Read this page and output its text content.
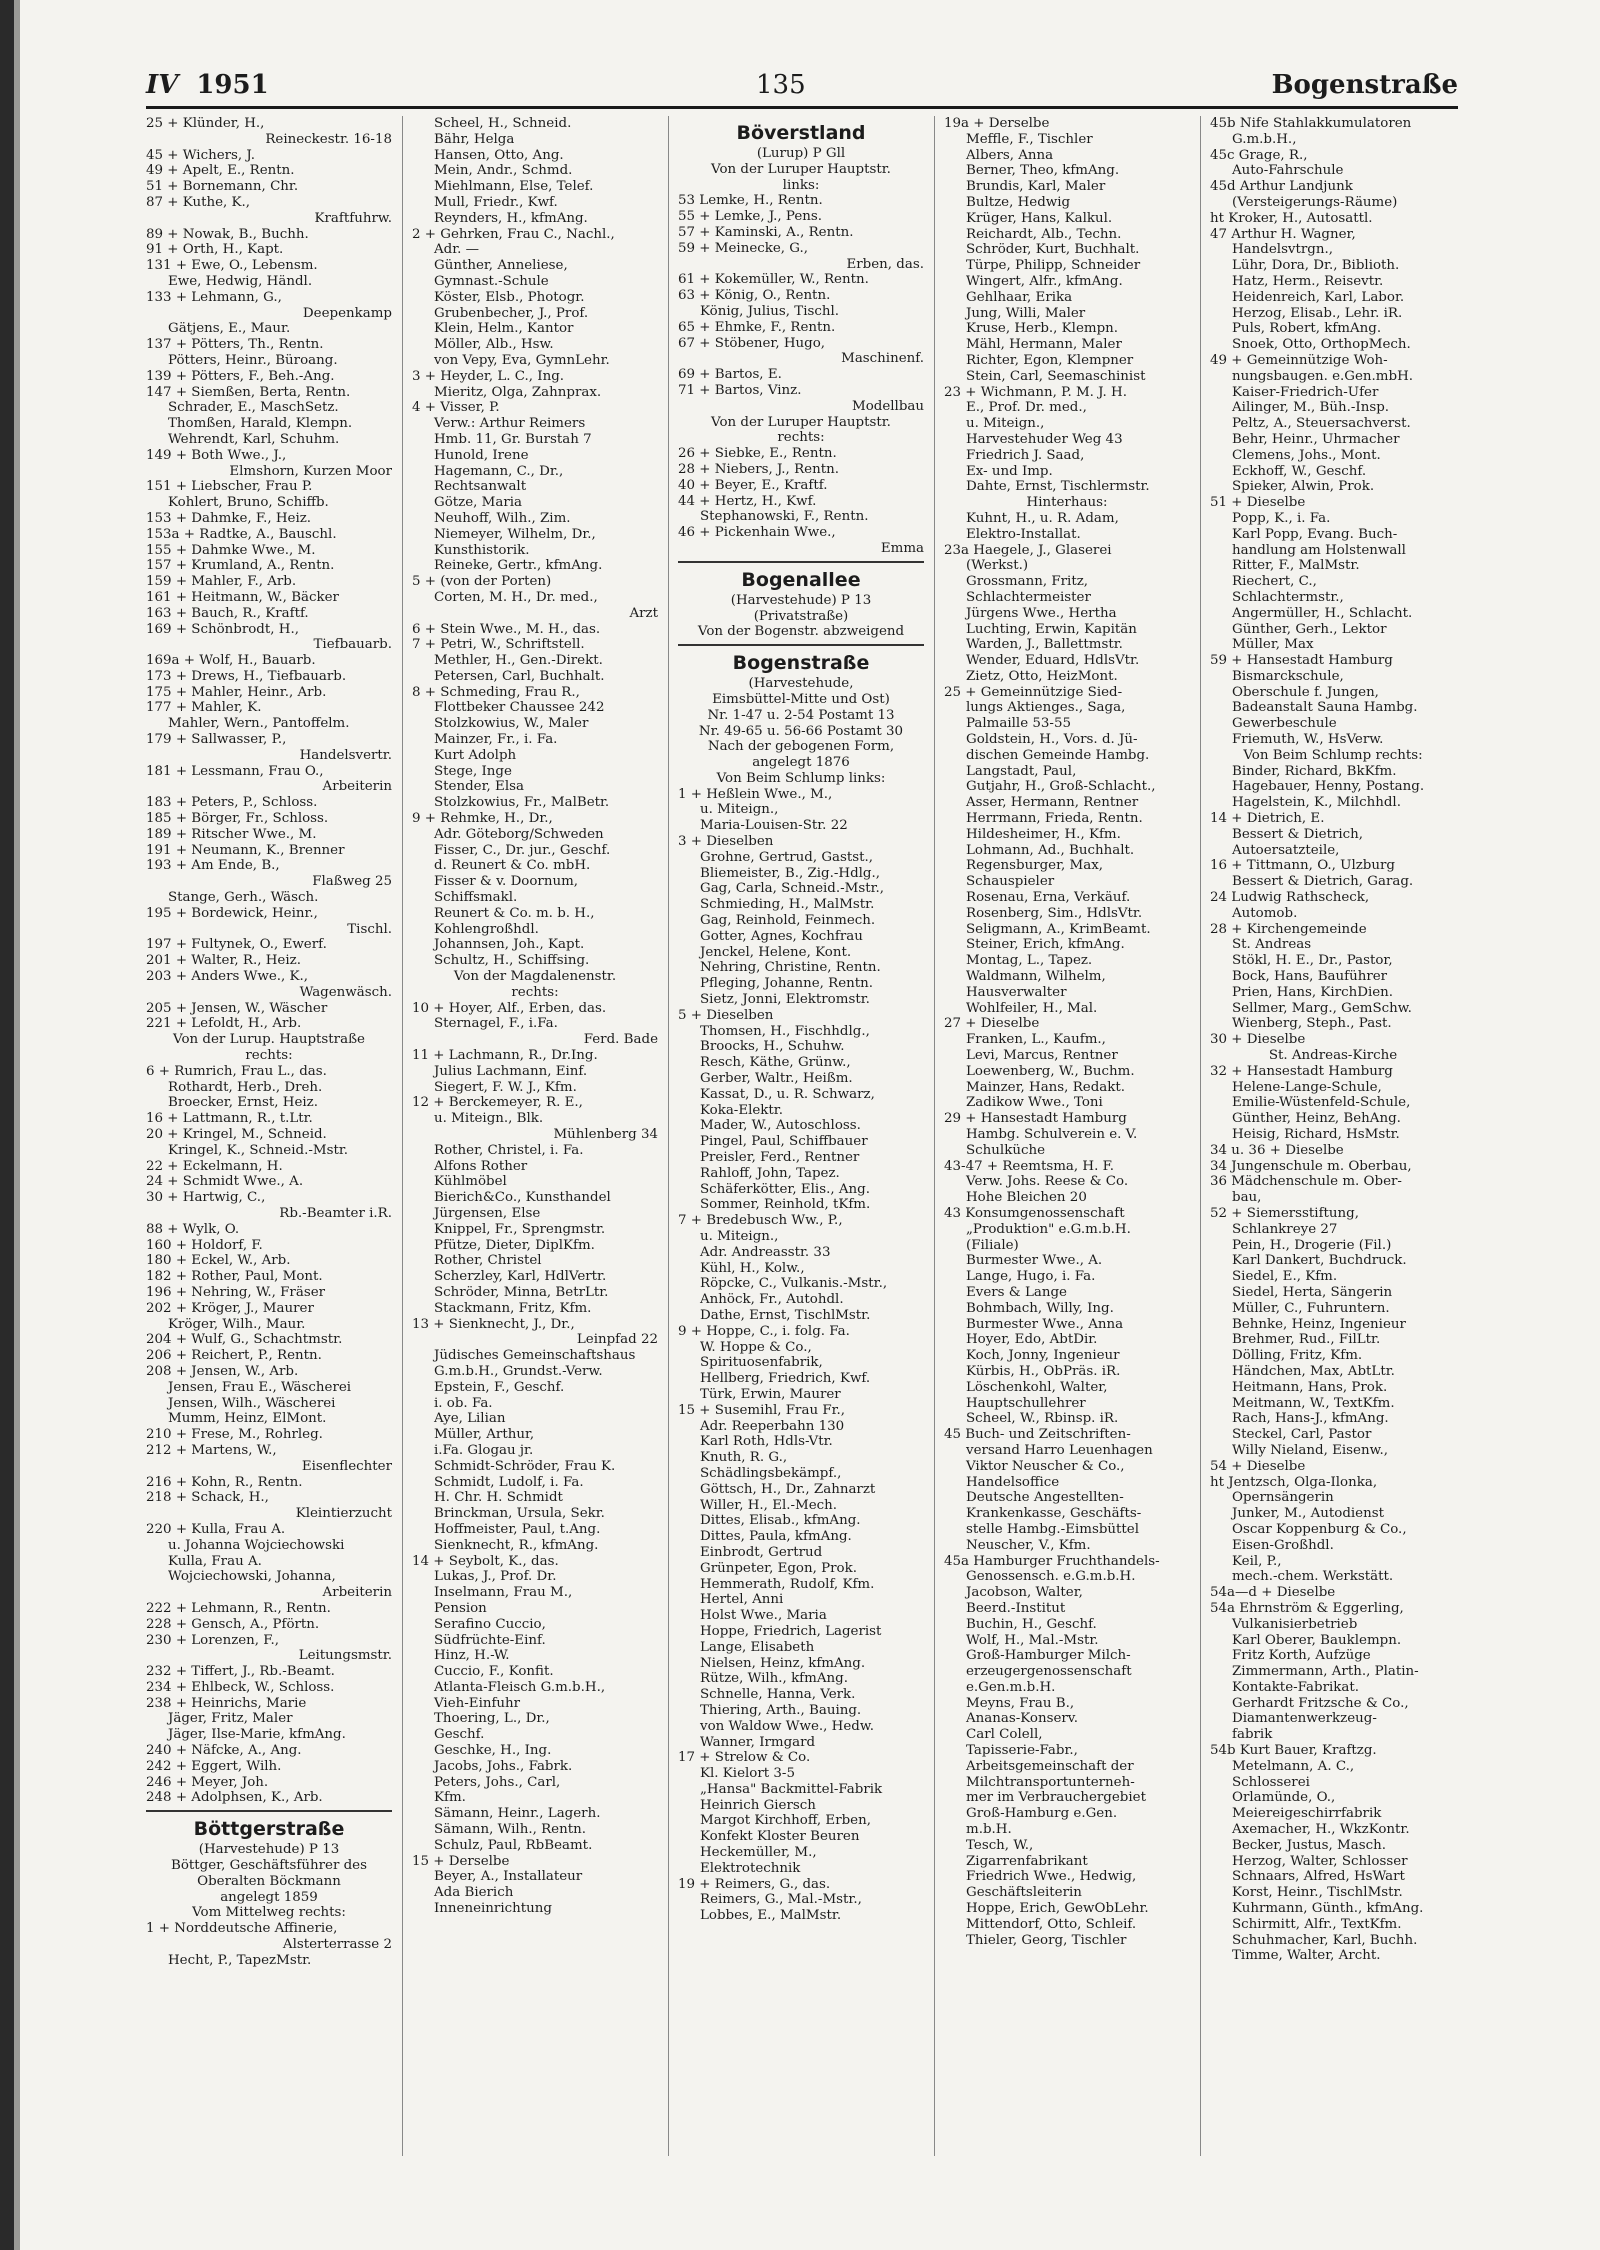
IV 1951	135	Bogenstraße
25 + Klünder, H.,
Reineckestr. 16-18
45 + Wichers, J.
49 + Apelt, E., Rentn.
51 + Bornemann, Chr.
87 + Kuthe, K.,
Kraftfuhrw.
89 + Nowak, B., Buchh.
91 + Orth, H., Kapt.
131 + Ewe, O., Lebensm.
Ewe, Hedwig, Händl.
133 + Lehmann, G.,
Deepenkamp
Gätjens, E., Maur.
137 + Pötters, Th., Rentn.
Pötters, Heinr., Büroang.
139 + Pötters, F., Beh.-Ang.
147 + Siemßen, Berta, Rentn.
Schrader, E., MaschSetz.
Thomßen, Harald, Klempn.
Wehrendt, Karl, Schuhm.
149 + Both Wwe., J.,
Elmshorn, Kurzen Moor
151 + Liebscher, Frau P.
Kohlert, Bruno, Schiffb.
153 + Dahmke, F., Heiz.
153a + Radtke, A., Bauschl.
155 + Dahmke Wwe., M.
157 + Krumland, A., Rentn.
159 + Mahler, F., Arb.
161 + Heitmann, W., Bäcker
163 + Bauch, R., Kraftf.
169 + Schönbrodt, H.,
Tiefbauarb.
169a + Wolf, H., Bauarb.
173 + Drews, H., Tiefbauarb.
175 + Mahler, Heinr., Arb.
177 + Mahler, K.
Mahler, Wern., Pantoffelm.
179 + Sallwasser, P.,
Handelsvertr.
181 + Lessmann, Frau O.,
Arbeiterin
183 + Peters, P., Schloss.
185 + Börger, Fr., Schloss.
189 + Ritscher Wwe., M.
191 + Neumann, K., Brenner
193 + Am Ende, B.,
Flaßweg 25
Stange, Gerh., Wäsch.
195 + Bordewick, Heinr.,
Tischl.
197 + Fultynek, O., Ewerf.
201 + Walter, R., Heiz.
203 + Anders Wwe., K.,
Wagenwäsch.
205 + Jensen, W., Wäscher
221 + Lefoldt, H., Arb.
Von der Lurup. Hauptstraße
rechts:
6 + Rumrich, Frau L., das.
Rothardt, Herb., Dreh.
Broecker, Ernst, Heiz.
16 + Lattmann, R., t.Ltr.
20 + Kringel, M., Schneid.
Kringel, K., Schneid.-Mstr.
22 + Eckelmann, H.
24 + Schmidt Wwe., A.
30 + Hartwig, C.,
Rb.-Beamter i.R.
88 + Wylk, O.
160 + Holdorf, F.
180 + Eckel, W., Arb.
182 + Rother, Paul, Mont.
196 + Nehring, W., Fräser
202 + Kröger, J., Maurer
Kröger, Wilh., Maur.
204 + Wulf, G., Schachtmstr.
206 + Reichert, P., Rentn.
208 + Jensen, W., Arb.
Jensen, Frau E., Wäscherei
Jensen, Wilh., Wäscherei
Mumm, Heinz, ElMont.
210 + Frese, M., Rohrleg.
212 + Martens, W.,
Eisenflechter
216 + Kohn, R., Rentn.
218 + Schack, H.,
Kleintierzucht
220 + Kulla, Frau A.
u. Johanna Wojciechowski
Kulla, Frau A.
Wojciechowski, Johanna,
Arbeiterin
222 + Lehmann, R., Rentn.
228 + Gensch, A., Pförtn.
230 + Lorenzen, F.,
Leitungsmstr.
232 + Tiffert, J., Rb.-Beamt.
234 + Ehlbeck, W., Schloss.
238 + Heinrichs, Marie
Jäger, Fritz, Maler
Jäger, Ilse-Marie, kfmAng.
240 + Näfcke, A., Ang.
242 + Eggert, Wilh.
246 + Meyer, Joh.
248 + Adolphsen, K., Arb.
Böttgerstraße
(Harvestehude) P 13
Böttger, Geschäftsführer des
Oberalten Böckmann
angelegt 1859
Vom Mittelweg rechts:
1 + Norddeutsche Affinerie,
Alsterterrasse 2
Hecht, P., TapezMstr.
Scheel, H., Schneid.
Bähr, Helga
Hansen, Otto, Ang.
Mein, Andr., Schmd.
Miehlmann, Else, Telef.
Mull, Friedr., Kwf.
Reynders, H., kfmAng.
2 + Gehrken, Frau C., Nachl.,
Adr. —
Günther, Anneliese,
Gymnast.-Schule
Köster, Elsb., Photogr.
Grubenbecher, J., Prof.
Klein, Helm., Kantor
Möller, Alb., Hsw.
von Vepy, Eva, GymnLehr.
3 + Heyder, L. C., Ing.
Mieritz, Olga, Zahnprax.
4 + Visser, P.
Verw.: Arthur Reimers
Hmb. 11, Gr. Burstah 7
Hunold, Irene
Hagemann, C., Dr.,
Rechtsanwalt
Götze, Maria
Neuhoff, Wilh., Zim.
Niemeyer, Wilhelm, Dr.,
Kunsthistorik.
Reineke, Gertr., kfmAng.
5 + (von der Porten)
Corten, M. H., Dr. med.,
Arzt
6 + Stein Wwe., M. H., das.
7 + Petri, W., Schriftstell.
Methler, H., Gen.-Direkt.
Petersen, Carl, Buchhalt.
8 + Schmeding, Frau R.,
Flottbeker Chaussee 242
Stolzkowius, W., Maler
Mainzer, Fr., i. Fa.
Kurt Adolph
Stege, Inge
Stender, Elsa
Stolzkowius, Fr., MalBetr.
9 + Rehmke, H., Dr.,
Adr. Göteborg/Schweden
Fisser, C., Dr. jur., Geschf.
d. Reunert & Co. mbH.
Fisser & v. Doornum,
Schiffsmakl.
Reunert & Co. m. b. H.,
Kohlengroßhdl.
Johannsen, Joh., Kapt.
Schultz, H., Schiffsing.
Von der Magdalenenstr.
rechts:
10 + Hoyer, Alf., Erben, das.
Sternagel, F., i.Fa.
Ferd. Bade
11 + Lachmann, R., Dr.Ing.
Julius Lachmann, Einf.
Siegert, F. W. J., Kfm.
12 + Berckemeyer, R. E.,
u. Miteign., Blk.
Mühlenberg 34
Rother, Christel, i. Fa.
Alfons Rother
Kühlmöbel
Bierich&Co., Kunsthandel
Jürgensen, Else
Knippel, Fr., Sprengmstr.
Pfütze, Dieter, DiplKfm.
Rother, Christel
Scherzley, Karl, HdlVertr.
Schröder, Minna, BetrLtr.
Stackmann, Fritz, Kfm.
13 + Sienknecht, J., Dr.,
Leinpfad 22
Jüdisches Gemeinschaftshaus
G.m.b.H., Grundst.-Verw.
Epstein, F., Geschf.
i. ob. Fa.
Aye, Lilian
Müller, Arthur,
i.Fa. Glogau jr.
Schmidt-Schröder, Frau K.
Schmidt, Ludolf, i. Fa.
H. Chr. H. Schmidt
Brinckman, Ursula, Sekr.
Hoffmeister, Paul, t.Ang.
Sienknecht, R., kfmAng.
14 + Seybolt, K., das.
Lukas, J., Prof. Dr.
Inselmann, Frau M.,
Pension
Serafino Cuccio,
Südfrüchte-Einf.
Hinz, H.-W.
Cuccio, F., Konfit.
Atlanta-Fleisch G.m.b.H.,
Vieh-Einfuhr
Thoering, L., Dr.,
Geschf.
Geschke, H., Ing.
Jacobs, Johs., Fabrk.
Peters, Johs., Carl,
Kfm.
Sämann, Heinr., Lagerh.
Sämann, Wilh., Rentn.
Schulz, Paul, RbBeamt.
15 + Derselbe
Beyer, A., Installateur
Ada Bierich
Inneneinrichtung
Böverstland
(Lurup) P Gll
Von der Luruper Hauptstr.
links:
53 Lemke, H., Rentn.
55 + Lemke, J., Pens.
57 + Kaminski, A., Rentn.
59 + Meinecke, G.,
Erben, das.
61 + Kokemüller, W., Rentn.
63 + König, O., Rentn.
König, Julius, Tischl.
65 + Ehmke, F., Rentn.
67 + Stöbener, Hugo,
Maschinenf.
69 + Bartos, E.
71 + Bartos, Vinz.
Modellbau
Von der Luruper Hauptstr.
rechts:
26 + Siebke, E., Rentn.
28 + Niebers, J., Rentn.
40 + Beyer, E., Kraftf.
44 + Hertz, H., Kwf.
Stephanowski, F., Rentn.
46 + Pickenhain Wwe.,
Emma
Bogenallee
(Harvestehude) P 13
(Privatstraße)
Von der Bogenstr. abzweigend
Bogenstraße
(Harvestehude,
Eimsbüttel-Mitte und Ost)
Nr. 1-47 u. 2-54 Postamt 13
Nr. 49-65 u. 56-66 Postamt 30
Nach der gebogenen Form,
angelegt 1876
Von Beim Schlump links:
1 + Heßlein Wwe., M.,
u. Miteign.,
Maria-Louisen-Str. 22
3 + Dieselben
Grohne, Gertrud, Gastst.,
Bliemeister, B., Zig.-Hdlg.,
Gag, Carla, Schneid.-Mstr.,
Schmieding, H., MalMstr.
Gag, Reinhold, Feinmech.
Gotter, Agnes, Kochfrau
Jenckel, Helene, Kont.
Nehring, Christine, Rentn.
Pfleging, Johanne, Rentn.
Sietz, Jonni, Elektromstr.
5 + Dieselben
Thomsen, H., Fischhdlg.,
Broocks, H., Schuhw.
Resch, Käthe, Grünw.,
Gerber, Waltr., Heißm.
Kassat, D., u. R. Schwarz,
Koka-Elektr.
Mader, W., Autoschloss.
Pingel, Paul, Schiffbauer
Preisler, Ferd., Rentner
Rahloff, John, Tapez.
Schäferkötter, Elis., Ang.
Sommer, Reinhold, tKfm.
7 + Bredebusch Ww., P.,
u. Miteign.,
Adr. Andreasstr. 33
Kühl, H., Kolw.,
Röpcke, C., Vulkanis.-Mstr.,
Anhöck, Fr., Autohdl.
Dathe, Ernst, TischlMstr.
9 + Hoppe, C., i. folg. Fa.
W. Hoppe & Co.,
Spirituosenfabrik,
Hellberg, Friedrich, Kwf.
Türk, Erwin, Maurer
15 + Susemihl, Frau Fr.,
Adr. Reeperbahn 130
Karl Roth, Hdls-Vtr.
Knuth, R. G.,
Schädlingsbekämpf.,
Göttsch, H., Dr., Zahnarzt
Willer, H., El.-Mech.
Dittes, Elisab., kfmAng.
Dittes, Paula, kfmAng.
Einbrodt, Gertrud
Grünpeter, Egon, Prok.
Hemmerath, Rudolf, Kfm.
Hertel, Anni
Holst Wwe., Maria
Hoppe, Friedrich, Lagerist
Lange, Elisabeth
Nielsen, Heinz, kfmAng.
Rütze, Wilh., kfmAng.
Schnelle, Hanna, Verk.
Thiering, Arth., Bauing.
von Waldow Wwe., Hedw.
Wanner, Irmgard
17 + Strelow & Co.
Kl. Kielort 3-5
„Hansa" Backmittel-Fabrik
Heinrich Giersch
Margot Kirchhoff, Erben,
Konfekt Kloster Beuren
Heckemüller, M.,
Elektrotechnik
19 + Reimers, G., das.
Reimers, G., Mal.-Mstr.,
Lobbes, E., MalMstr.
19a + Derselbe
Meffle, F., Tischler
Albers, Anna
Berner, Theo, kfmAng.
Brundis, Karl, Maler
Bultze, Hedwig
Krüger, Hans, Kalkul.
Reichardt, Alb., Techn.
Schröder, Kurt, Buchhalt.
Türpe, Philipp, Schneider
Wingert, Alfr., kfmAng.
Gehlhaar, Erika
Jung, Willi, Maler
Kruse, Herb., Klempn.
Mähl, Hermann, Maler
Richter, Egon, Klempner
Stein, Carl, Seemaschinist
23 + Wichmann, P. M. J. H.
E., Prof. Dr. med.,
u. Miteign.,
Harvestehuder Weg 43
Friedrich J. Saad,
Ex- und Imp.
Dahte, Ernst, Tischlermstr.
Hinterhaus:
Kuhnt, H., u. R. Adam,
Elektro-Installat.
23a Haegele, J., Glaserei
(Werkst.)
Grossmann, Fritz,
Schlachtermeister
Jürgens Wwe., Hertha
Luchting, Erwin, Kapitän
Warden, J., Ballettmstr.
Wender, Eduard, HdlsVtr.
Zietz, Otto, HeizMont.
25 + Gemeinnützige Sied-
lungs Aktienges., Saga,
Palmaille 53-55
Goldstein, H., Vors. d. Jü-
dischen Gemeinde Hambg.
Langstadt, Paul,
Gutjahr, H., Groß-Schlacht.,
Asser, Hermann, Rentner
Herrmann, Frieda, Rentn.
Hildesheimer, H., Kfm.
Lohmann, Ad., Buchhalt.
Regensburger, Max,
Schauspieler
Rosenau, Erna, Verkäuf.
Rosenberg, Sim., HdlsVtr.
Seligmann, A., KrimBeamt.
Steiner, Erich, kfmAng.
Montag, L., Tapez.
Waldmann, Wilhelm,
Hausverwalter
Wohlfeiler, H., Mal.
27 + Dieselbe
Franken, L., Kaufm.,
Levi, Marcus, Rentner
Loewenberg, W., Buchm.
Mainzer, Hans, Redakt.
Zadikow Wwe., Toni
29 + Hansestadt Hamburg
Hambg. Schulverein e. V.
Schulküche
43-47 + Reemtsma, H. F.
Verw. Johs. Reese & Co.
Hohe Bleichen 20
43 Konsumgenossenschaft
„Produktion" e.G.m.b.H.
(Filiale)
Burmester Wwe., A.
Lange, Hugo, i. Fa.
Evers & Lange
Bohmbach, Willy, Ing.
Burmester Wwe., Anna
Hoyer, Edo, AbtDir.
Koch, Jonny, Ingenieur
Kürbis, H., ObPräs. iR.
Löschenkohl, Walter,
Hauptschullehrer
Scheel, W., Rbinsp. iR.
45 Buch- und Zeitschriften-
versand Harro Leuenhagen
Viktor Neuscher & Co.,
Handelsoffice
Deutsche Angestellten-
Krankenkasse, Geschäfts-
stelle Hambg.-Eimsbüttel
Neuscher, V., Kfm.
45a Hamburger Fruchthandels-
Genossensch. e.G.m.b.H.
Jacobson, Walter,
Beerd.-Institut
Buchin, H., Geschf.
Wolf, H., Mal.-Mstr.
Groß-Hamburger Milch-
erzeugergenossenschaft
e.Gen.m.b.H.
Meyns, Frau B.,
Ananas-Konserv.
Carl Colell,
Tapisserie-Fabr.,
Arbeitsgemeinschaft der
Milchtransportunterneh-
mer im Verbrauchergebiet
Groß-Hamburg e.Gen.
m.b.H.
Tesch, W.,
Zigarrenfabrikant
Friedrich Wwe., Hedwig,
Geschäftsleiterin
Hoppe, Erich, GewObLehr.
Mittendorf, Otto, Schleif.
Thieler, Georg, Tischler
45b Nife Stahlakkumulatoren
G.m.b.H.,
45c Grage, R.,
Auto-Fahrschule
45d Arthur Landjunk
(Versteigerungs-Räume)
ht Kroker, H., Autosattl.
47 Arthur H. Wagner,
Handelsvtrgn.,
Lühr, Dora, Dr., Biblioth.
Hatz, Herm., Reisevtr.
Heidenreich, Karl, Labor.
Herzog, Elisab., Lehr. iR.
Puls, Robert, kfmAng.
Snoek, Otto, OrthopMech.
49 + Gemeinnützige Woh-
nungsbaugen. e.Gen.mbH.
Kaiser-Friedrich-Ufer
Ailinger, M., Büh.-Insp.
Peltz, A., Steuersachverst.
Behr, Heinr., Uhrmacher
Clemens, Johs., Mont.
Eckhoff, W., Geschf.
Spieker, Alwin, Prok.
51 + Dieselbe
Popp, K., i. Fa.
Karl Popp, Evang. Buch-
handlung am Holstenwall
Ritter, F., MalMstr.
Riechert, C.,
Schlachtermstr.,
Angermüller, H., Schlacht.
Günther, Gerh., Lektor
Müller, Max
59 + Hansestadt Hamburg
Bismarckschule,
Oberschule f. Jungen,
Badeanstalt Sauna Hambg.
Gewerbeschule
Friemuth, W., HsVerw.
Von Beim Schlump rechts:
Binder, Richard, BkKfm.
Hagebauer, Henny, Postang.
Hagelstein, K., Milchhdl.
14 + Dietrich, E.
Bessert & Dietrich,
Autoersatzteile,
16 + Tittmann, O., Ulzburg
Bessert & Dietrich, Garag.
24 Ludwig Rathscheck,
Automob.
28 + Kirchengemeinde
St. Andreas
Stökl, H. E., Dr., Pastor,
Bock, Hans, Bauführer
Prien, Hans, KirchDien.
Sellmer, Marg., GemSchw.
Wienberg, Steph., Past.
30 + Dieselbe
St. Andreas-Kirche
32 + Hansestadt Hamburg
Helene-Lange-Schule,
Emilie-Wüstenfeld-Schule,
Günther, Heinz, BehAng.
Heisig, Richard, HsMstr.
34 u. 36 + Dieselbe
34 Jungenschule m. Oberbau,
36 Mädchenschule m. Ober-
bau,
52 + Siemersstiftung,
Schlankreye 27
Pein, H., Drogerie (Fil.)
Karl Dankert, Buchdruck.
Siedel, E., Kfm.
Siedel, Herta, Sängerin
Müller, C., Fuhruntern.
Behnke, Heinz, Ingenieur
Brehmer, Rud., FilLtr.
Dölling, Fritz, Kfm.
Händchen, Max, AbtLtr.
Heitmann, Hans, Prok.
Meitmann, W., TextKfm.
Rach, Hans-J., kfmAng.
Steckel, Carl, Pastor
Willy Nieland, Eisenw.,
54 + Dieselbe
ht Jentzsch, Olga-Ilonka,
Opernsängerin
Junker, M., Autodienst
Oscar Koppenburg & Co.,
Eisen-Großhdl.
Keil, P.,
mech.-chem. Werkstätt.
54a—d + Dieselbe
54a Ehrnström & Eggerling,
Vulkanisierbetrieb
Karl Oberer, Bauklempn.
Fritz Korth, Aufzüge
Zimmermann, Arth., Platin-
Kontakte-Fabrikat.
Gerhardt Fritzsche & Co.,
Diamantenwerkzeug-
fabrik
54b Kurt Bauer, Kraftzg.
Metelmann, A. C.,
Schlosserei
Orlamünde, O.,
Meiereigeschirrfabrik
Axemacher, H., WkzKontr.
Becker, Justus, Masch.
Herzog, Walter, Schlosser
Schnaars, Alfred, HsWart
Korst, Heinr., TischlMstr.
Kuhrmann, Günth., kfmAng.
Schirmitt, Alfr., TextKfm.
Schuhmacher, Karl, Buchh.
Timme, Walter, Archt.
